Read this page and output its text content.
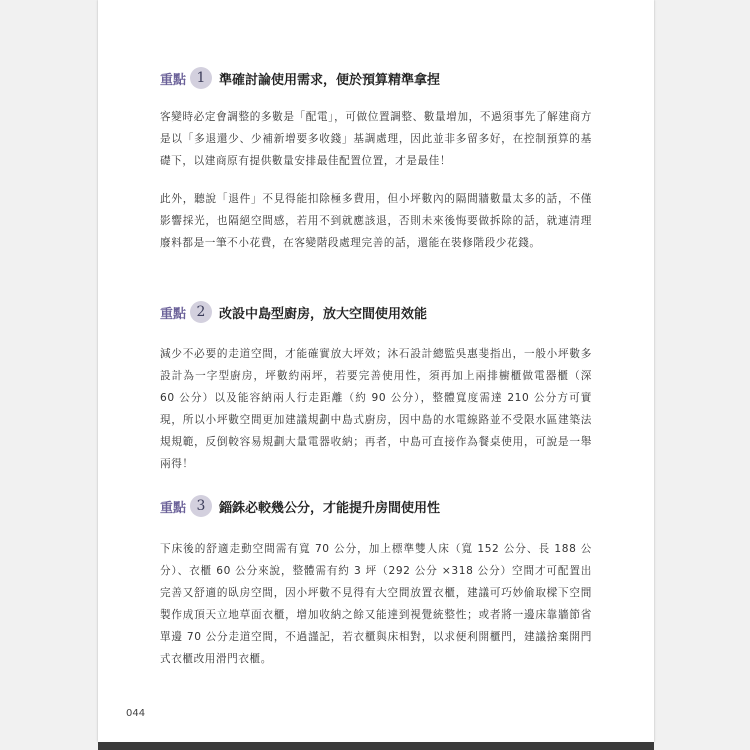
重點 1	準確討論使用需求，便於預算精準拿捏

客變時必定會調整的多數是「配電」，可做位置調整、數量增加，不過須事先了解建商方是以「多退還少、少補新增要多收錢」基調處理，因此並非多留多好，在控制預算的基礎下，以建商原有提供數量安排最佳配置位置，才是最佳！

此外，聽說「退件」不見得能扣除極多費用，但小坪數內的隔間牆數量太多的話，不僅影響採光，也隔絕空間感，若用不到就應該退，否則未來後悔要做拆除的話，就連清理廢料都是一筆不小花費，在客變階段處理完善的話，還能在裝修階段少花錢。

重點 2	改設中島型廚房，放大空間使用效能

減少不必要的走道空間，才能確實放大坪效；沐石設計總監吳惠斐指出，一般小坪數多設計為一字型廚房，坪數約兩坪，若要完善使用性，須再加上兩排櫥櫃做電器櫃（深 60 公分）以及能容納兩人行走距離（約 90 公分），整體寬度需達 210 公分方可實現，所以小坪數空間更加建議規劃中島式廚房，因中島的水電線路並不受限水區建築法規規範，反倒較容易規劃大量電器收納；再者，中島可直接作為餐桌使用，可說是一舉兩得！

重點 3	錙銖必較幾公分，才能提升房間使用性

下床後的舒適走動空間需有寬 70 公分，加上標準雙人床（寬 152 公分、長 188 公分）、衣櫃 60 公分來說，整體需有約 3 坪（292 公分 ×318 公分）空間才可配置出完善又舒適的臥房空間，因小坪數不見得有大空間放置衣櫃，建議可巧妙偷取樑下空間製作成頂天立地草面衣櫃，增加收納之餘又能達到視覺統整性；或者將一邊床靠牆節省單邊 70 公分走道空間，不過謹記，若衣櫃與床相對，以求便利開櫃門，建議捨棄開門式衣櫃改用滑門衣櫃。

044
